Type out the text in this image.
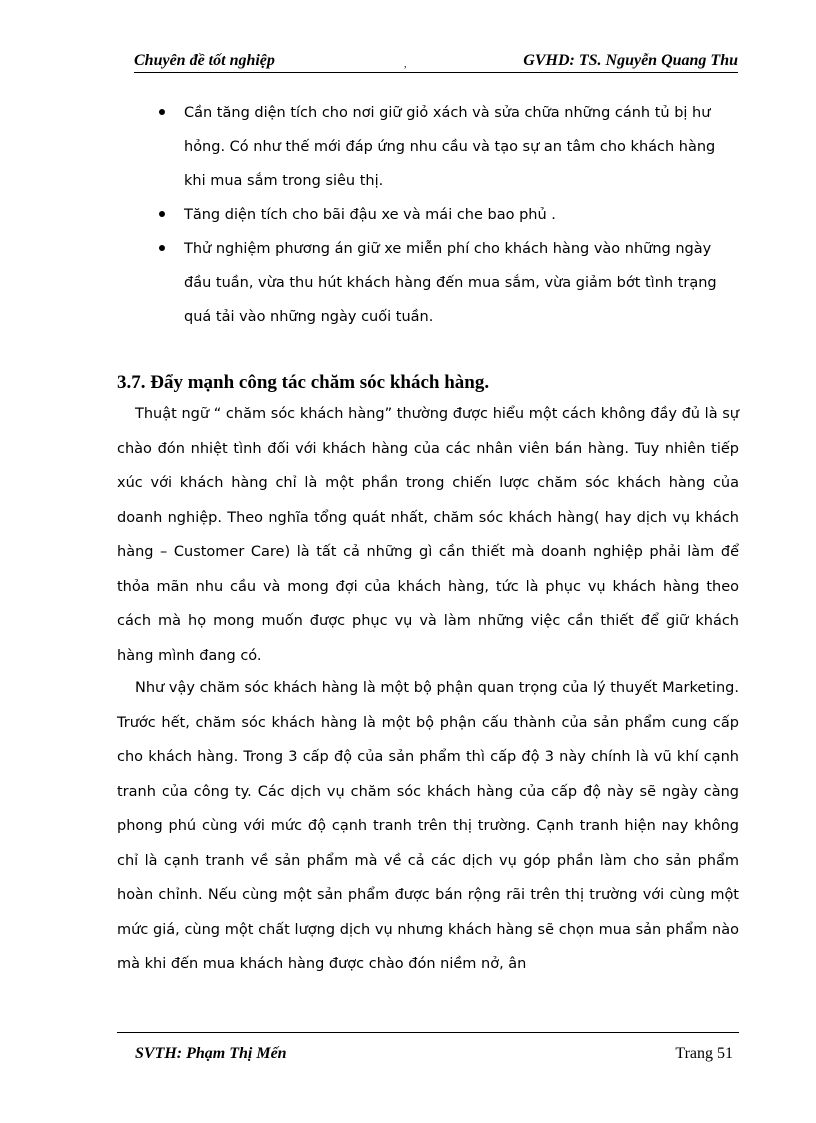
Chuyên đề tốt nghiệp	,	GVHD: TS. Nguyễn Quang Thu
Cần tăng diện tích cho nơi giữ giỏ xách và sửa chữa những cánh tủ bị hư hỏng. Có như thế mới đáp ứng nhu cầu và tạo sự an tâm cho khách hàng khi mua sắm trong siêu thị.
Tăng diện tích cho bãi đậu xe và mái che bao phủ .
Thử nghiệm phương án giữ xe miễn phí cho khách hàng vào những ngày đầu tuần, vừa thu hút khách hàng đến mua sắm, vừa giảm bớt tình trạng quá tải vào những ngày cuối tuần.
3.7. Đẩy mạnh công tác chăm sóc khách hàng.

Thuật ngữ “ chăm sóc khách hàng” thường được hiểu một cách không đầy đủ là sự chào đón nhiệt tình đối với khách hàng của các nhân viên bán hàng. Tuy nhiên tiếp xúc với khách hàng chỉ là một phần trong chiến lược chăm sóc khách hàng của doanh nghiệp. Theo nghĩa tổng quát nhất, chăm sóc khách hàng( hay dịch vụ khách hàng – Customer Care) là tất cả những gì cần thiết mà doanh nghiệp phải làm để thỏa mãn nhu cầu và mong đợi của khách hàng, tức là phục vụ khách hàng theo cách mà họ mong muốn được phục vụ và làm những việc cần thiết để giữ khách hàng mình đang có.

Như vậy chăm sóc khách hàng là một bộ phận quan trọng của lý thuyết Marketing. Trước hết, chăm sóc khách hàng là một bộ phận cấu thành của sản phẩm cung cấp cho khách hàng. Trong 3 cấp độ của sản phẩm thì cấp độ 3 này chính là vũ khí cạnh tranh của công ty. Các dịch vụ chăm sóc khách hàng của cấp độ này sẽ ngày càng phong phú cùng với mức độ cạnh tranh trên thị trường. Cạnh tranh hiện nay không chỉ là cạnh tranh về sản phẩm mà về cả các dịch vụ góp phần làm cho sản phẩm hoàn chỉnh. Nếu cùng một sản phẩm được bán rộng rãi trên thị trường với cùng một mức giá, cùng một chất lượng dịch vụ nhưng khách hàng sẽ chọn mua sản phẩm nào mà khi đến mua khách hàng được chào đón niềm nở, ân

SVTH: Phạm Thị Mến	Trang 51
